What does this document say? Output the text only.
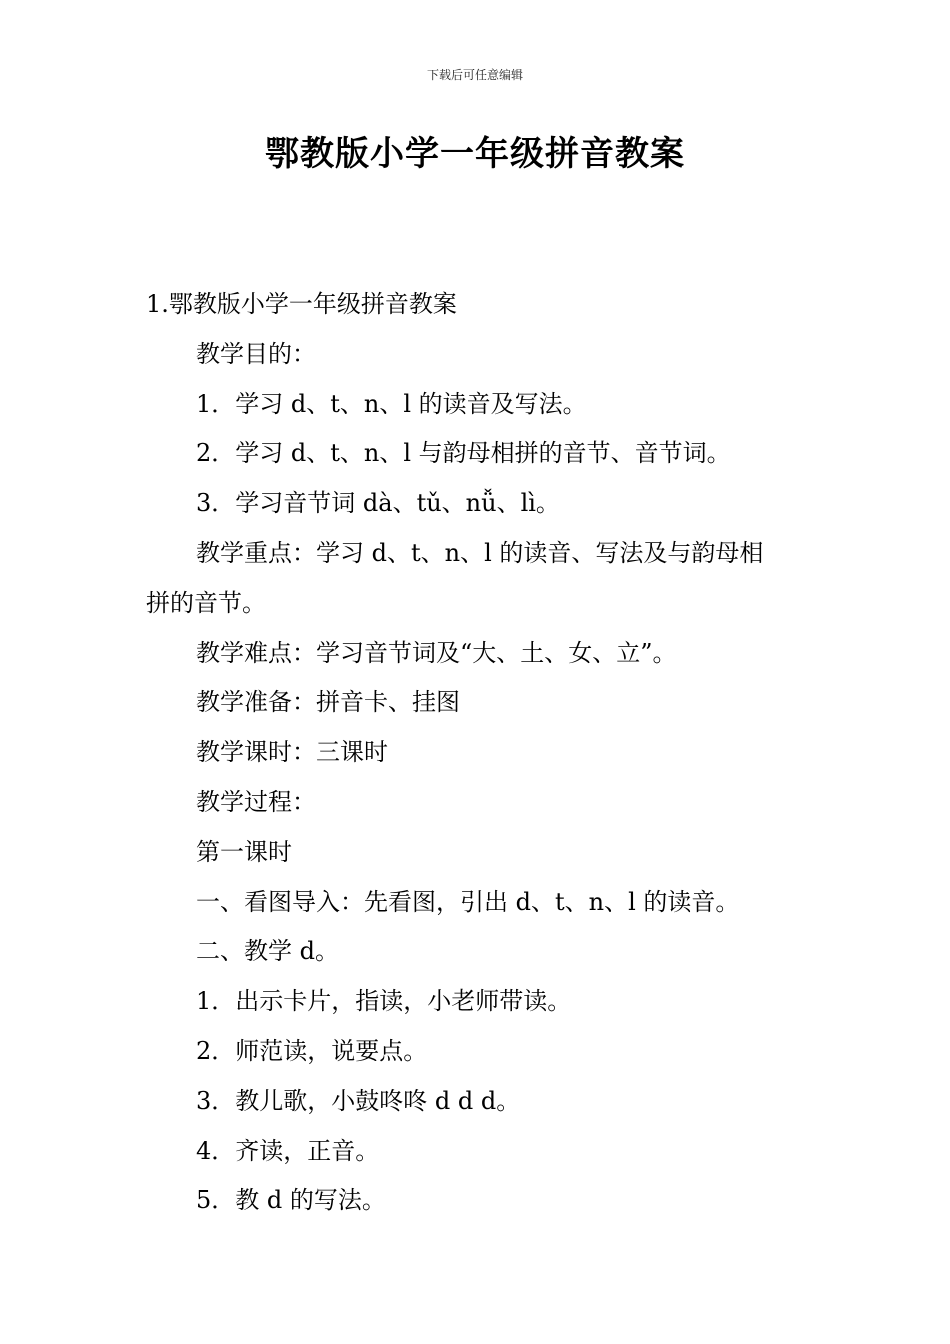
下载后可任意编辑
鄂教版小学一年级拼音教案
1.鄂教版小学一年级拼音教案
教学目的：
1．学习 d、t、n、l 的读音及写法。
2．学习 d、t、n、l 与韵母相拼的音节、音节词。
3．学习音节词 dà、tǔ、nǚ、lì。
教学重点：学习 d、t、n、l 的读音、写法及与韵母相
拼的音节。
教学难点：学习音节词及“大、土、女、立”。
教学准备：拼音卡、挂图
教学课时：三课时
教学过程：
第一课时
一、看图导入：先看图，引出 d、t、n、l 的读音。
二、教学 d。
1．出示卡片，指读，小老师带读。
2．师范读，说要点。
3．教儿歌，小鼓咚咚 d d d。
4．齐读，正音。
5．教 d 的写法。
